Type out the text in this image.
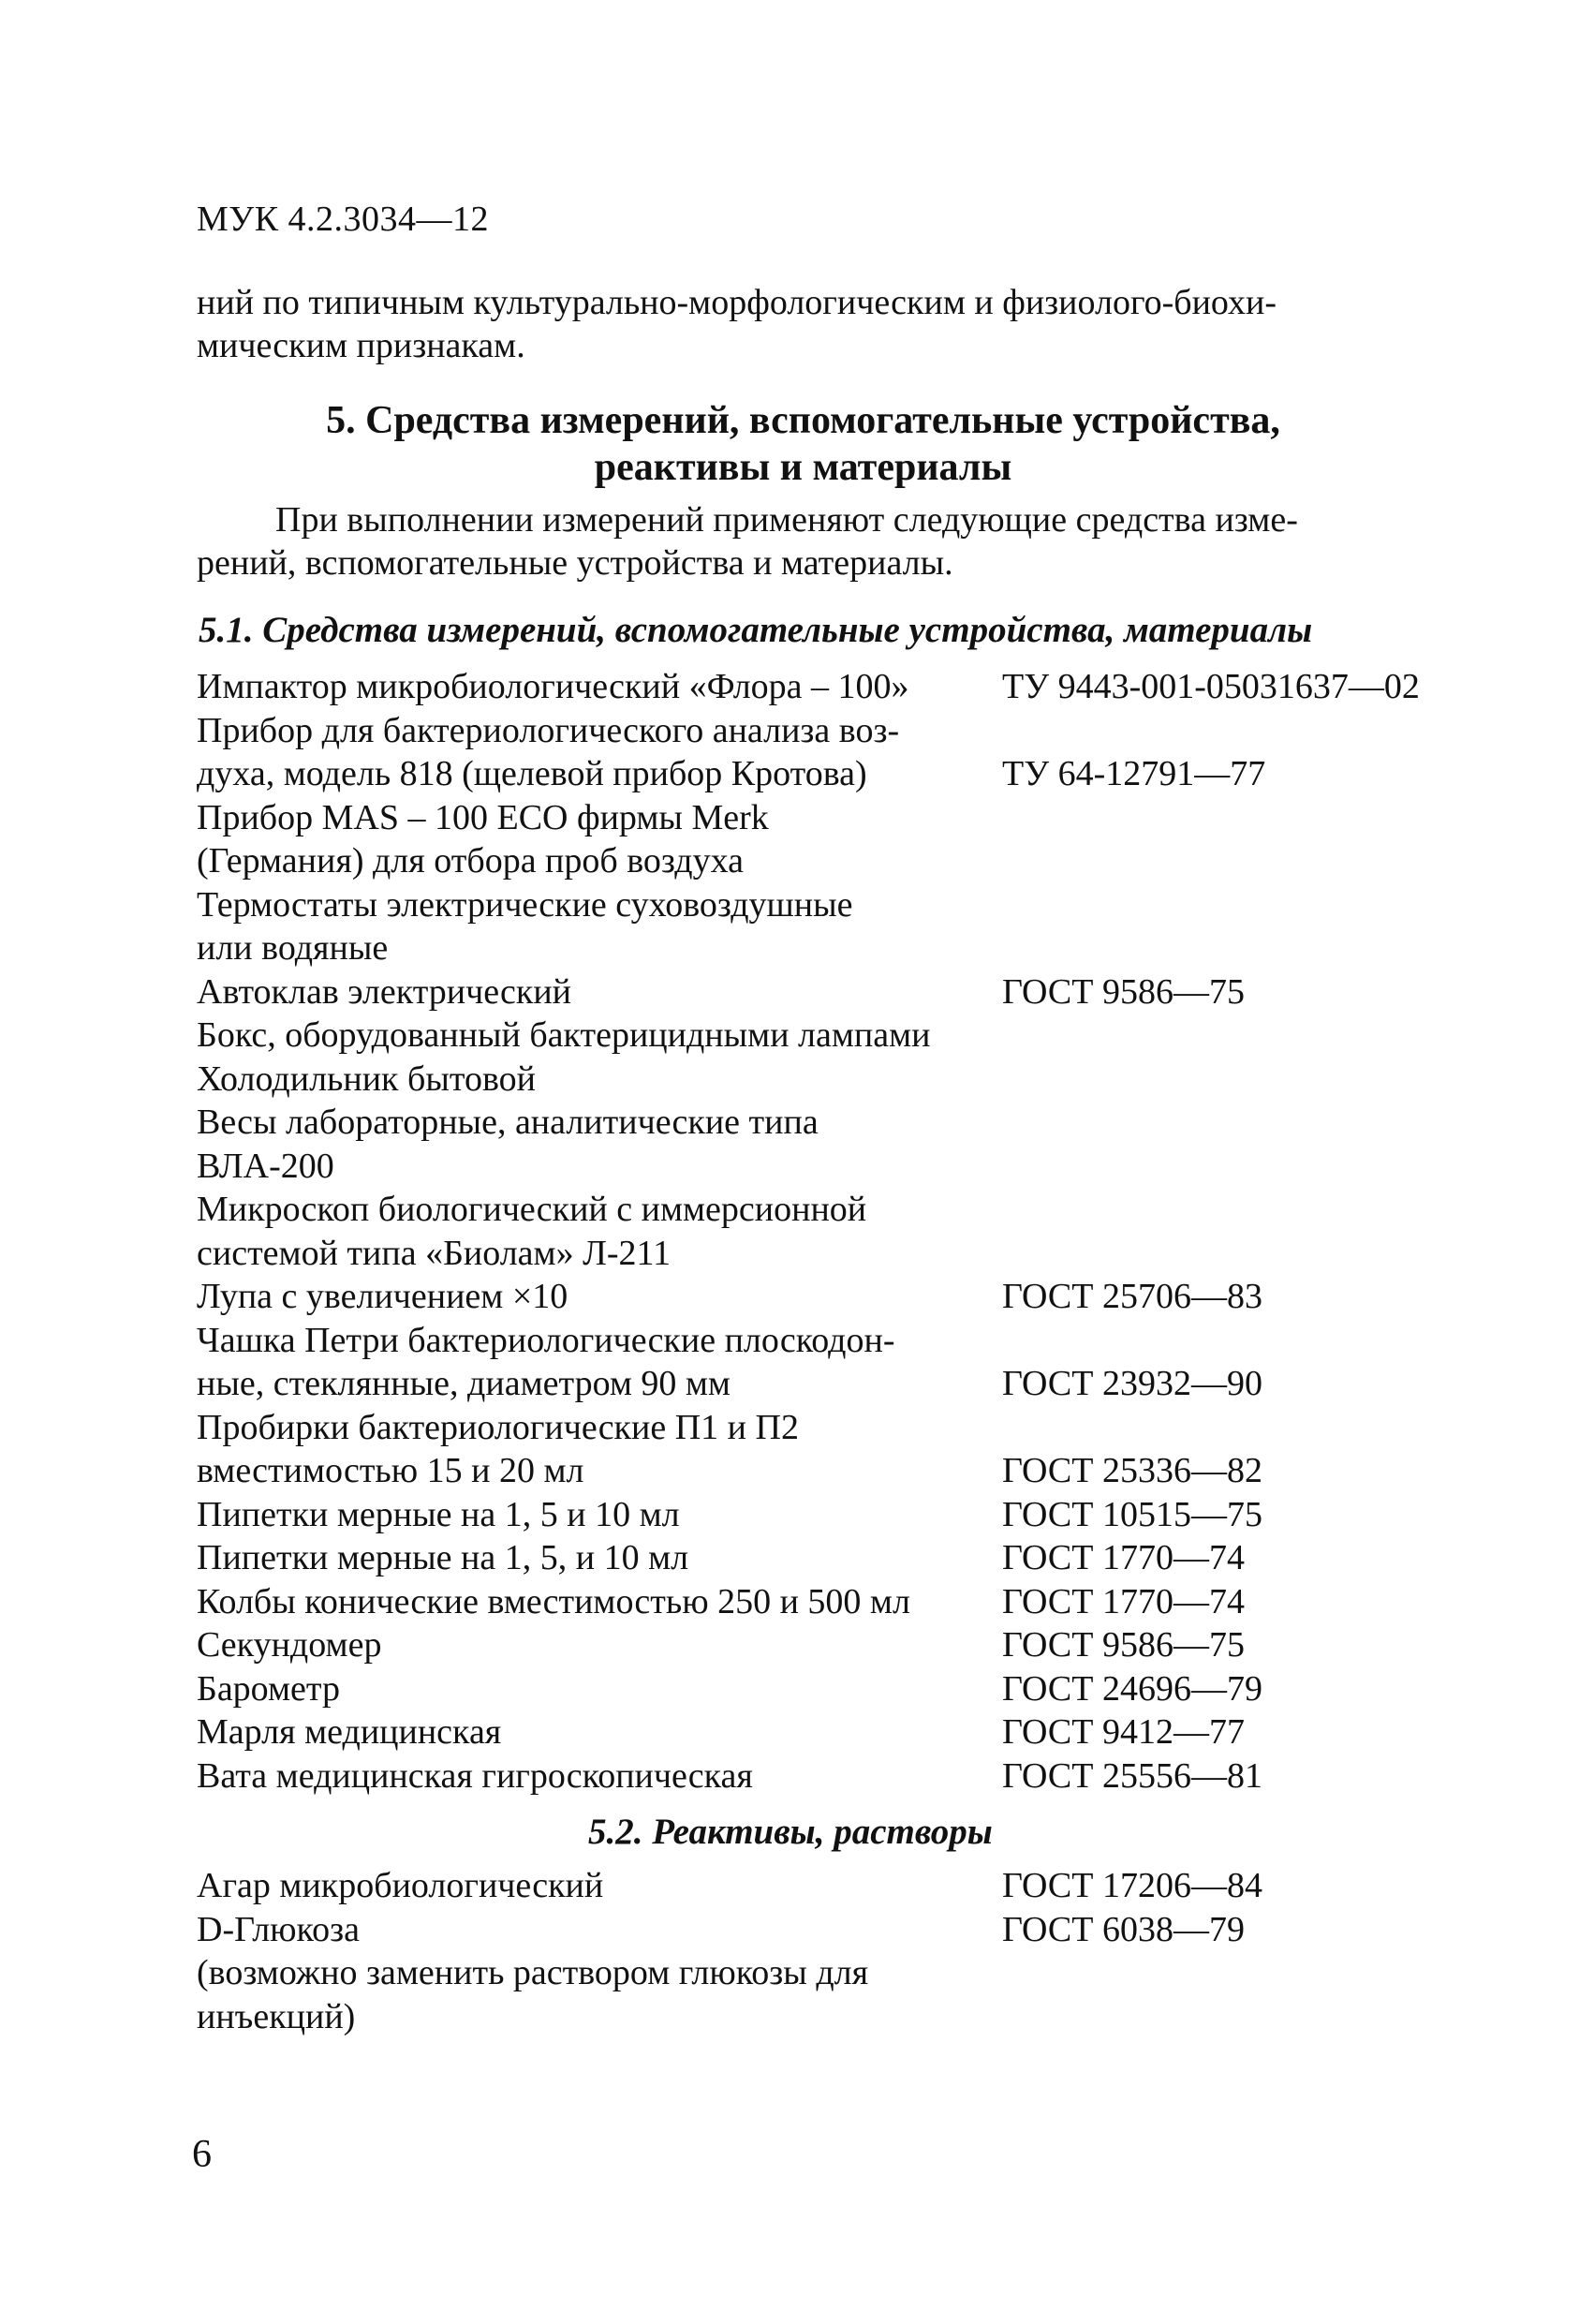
МУК 4.2.3034—12
ний по типичным культурально-морфологическим и физиолого-биохи-
мическим признакам.
5. Средства измерений, вспомогательные устройства,
реактивы и материалы
При выполнении измерений применяют следующие средства изме-
рений, вспомогательные устройства и материалы.
5.1. Средства измерений, вспомогательные устройства, материалы
Импактор микробиологический «Флора – 100»	ТУ 9443-001-05031637—02
Прибор для бактериологического анализа воз-
духа, модель 818 (щелевой прибор Кротова)	ТУ 64-12791—77
Прибор MAS – 100 ECO фирмы Merk
(Германия) для отбора проб воздуха
Термостаты электрические суховоздушные
или водяные
Автоклав электрический	ГОСТ 9586—75
Бокс, оборудованный бактерицидными лампами
Холодильник бытовой
Весы лабораторные, аналитические типа
ВЛА-200
Микроскоп биологический с иммерсионной
системой типа «Биолам» Л-211
Лупа с увеличением ×10	ГОСТ 25706—83
Чашка Петри бактериологические плоскодон-
ные, стеклянные, диаметром 90 мм	ГОСТ 23932—90
Пробирки бактериологические П1 и П2
вместимостью 15 и 20 мл	ГОСТ 25336—82
Пипетки мерные на 1, 5 и 10 мл	ГОСТ 10515—75
Пипетки мерные на 1, 5, и 10 мл	ГОСТ 1770—74
Колбы конические вместимостью 250 и 500 мл	ГОСТ 1770—74
Секундомер	ГОСТ 9586—75
Барометр	ГОСТ 24696—79
Марля медицинская	ГОСТ 9412—77
Вата медицинская гигроскопическая	ГОСТ 25556—81
5.2. Реактивы, растворы
Агар микробиологический	ГОСТ 17206—84
D-Глюкоза	ГОСТ 6038—79
(возможно заменить раствором глюкозы для
инъекций)
6
